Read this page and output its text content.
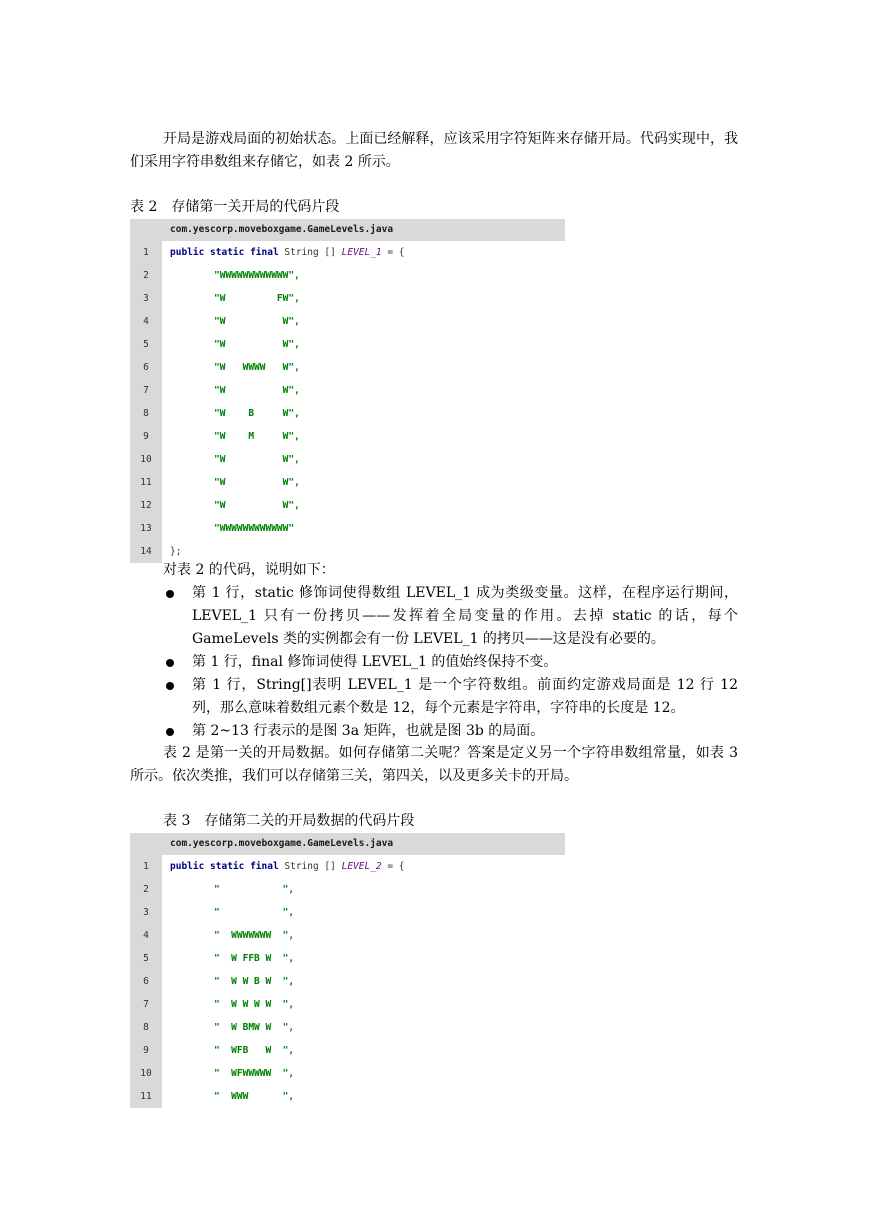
开局是游戏局面的初始状态。上面已经解释，应该采用字符矩阵来存储开局。代码实现中，我们采用字符串数组来存储它，如表 2 所示。

表 2　存储第一关开局的代码片段
com.yescorp.moveboxgame.GameLevels.java
1	public static final String [] LEVEL_1 = {
2	"WWWWWWWWWWWW",
3	"W         FW",
4	"W          W",
5	"W          W",
6	"W   WWWW   W",
7	"W          W",
8	"W    B     W",
9	"W    M     W",
10	"W          W",
11	"W          W",
12	"W          W",
13	"WWWWWWWWWWWW"
14	};

对表 2 的代码，说明如下：

第 1 行，static 修饰词使得数组 LEVEL_1 成为类级变量。这样，在程序运行期间，LEVEL_1 只有一份拷贝——发挥着全局变量的作用。去掉 static 的话，每个 GameLevels 类的实例都会有一份 LEVEL_1 的拷贝——这是没有必要的。
第 1 行，final 修饰词使得 LEVEL_1 的值始终保持不变。
第 1 行，String[]表明 LEVEL_1 是一个字符数组。前面约定游戏局面是 12 行 12 列，那么意味着数组元素个数是 12，每个元素是字符串，字符串的长度是 12。
第 2~13 行表示的是图 3a 矩阵，也就是图 3b 的局面。

表 2 是第一关的开局数据。如何存储第二关呢？答案是定义另一个字符串数组常量，如表 3 所示。依次类推，我们可以存储第三关，第四关，以及更多关卡的开局。

表 3　存储第二关的开局数据的代码片段
com.yescorp.moveboxgame.GameLevels.java
1	public static final String [] LEVEL_2 = {
2	"           ",
3	"           ",
4	"  WWWWWWW  ",
5	"  W FFB W  ",
6	"  W W B W  ",
7	"  W W W W  ",
8	"  W BMW W  ",
9	"  WFB   W  ",
10	"  WFWWWWW  ",
11	"  WWW      ",
